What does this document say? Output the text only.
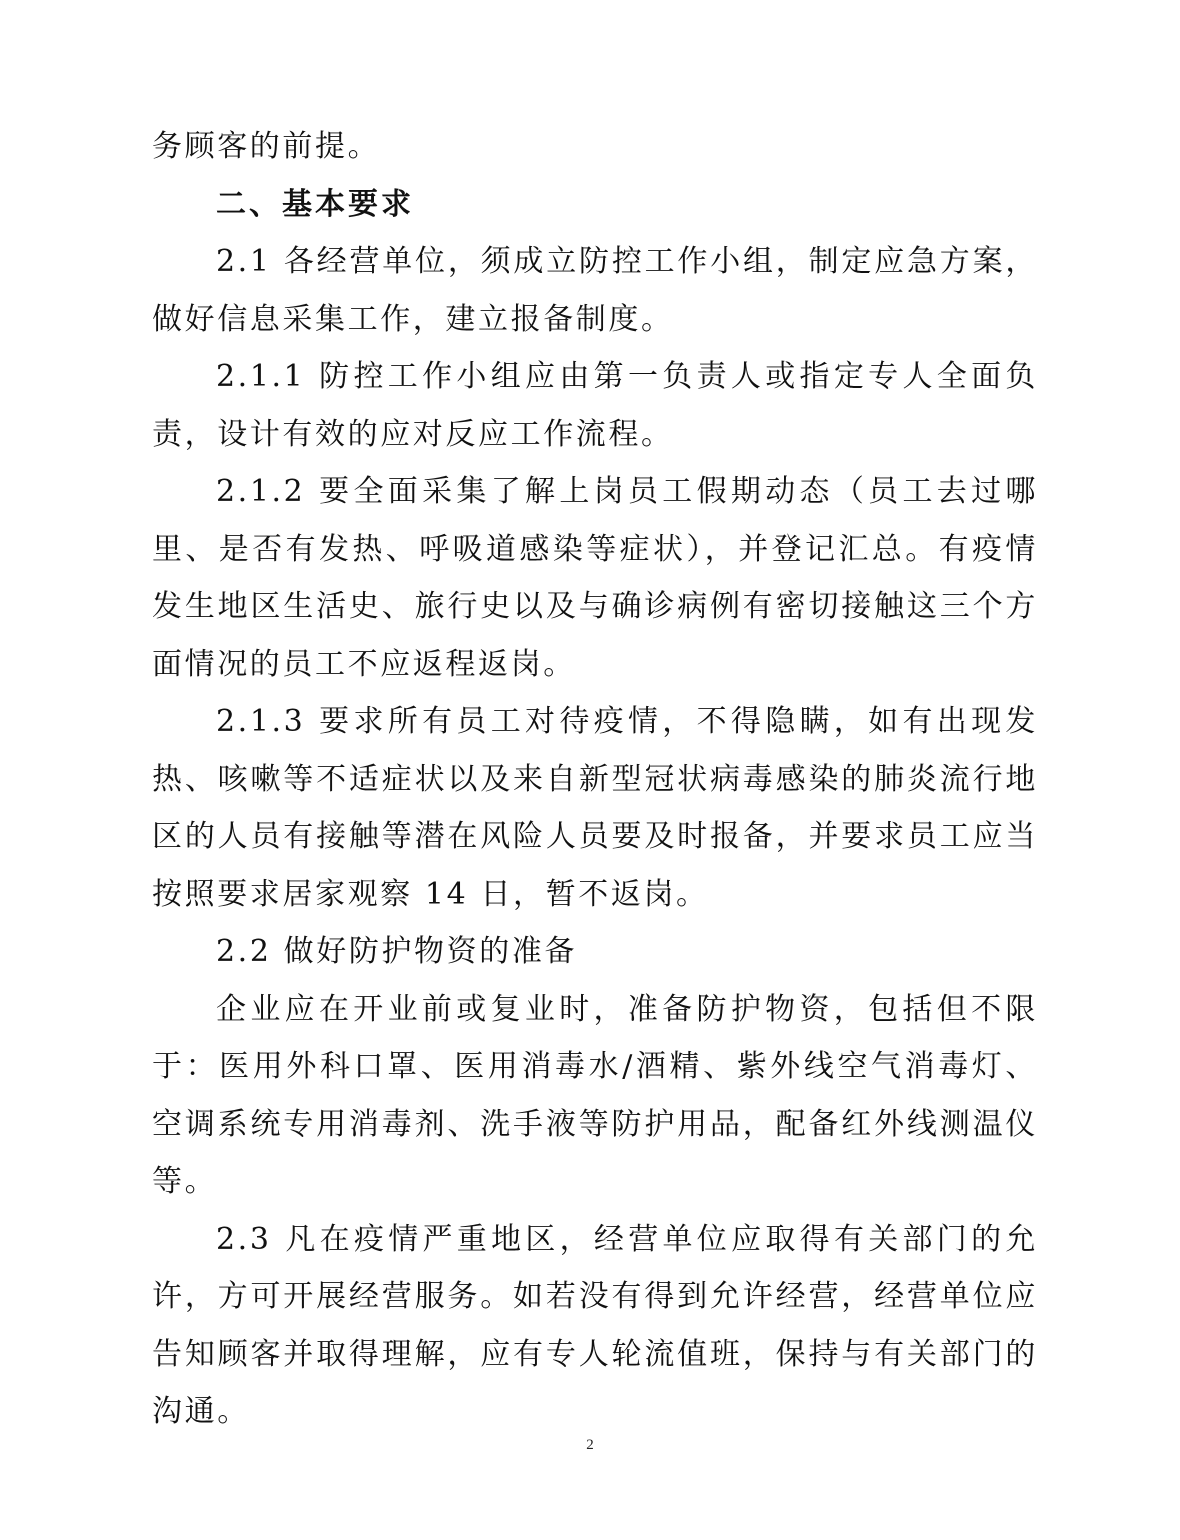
务顾客的前提。

二、基本要求

2.1 各经营单位，须成立防控工作小组，制定应急方案，做好信息采集工作，建立报备制度。

2.1.1 防控工作小组应由第一负责人或指定专人全面负责，设计有效的应对反应工作流程。

2.1.2 要全面采集了解上岗员工假期动态（员工去过哪里、是否有发热、呼吸道感染等症状），并登记汇总。有疫情发生地区生活史、旅行史以及与确诊病例有密切接触这三个方面情况的员工不应返程返岗。

2.1.3 要求所有员工对待疫情，不得隐瞒，如有出现发热、咳嗽等不适症状以及来自新型冠状病毒感染的肺炎流行地区的人员有接触等潜在风险人员要及时报备，并要求员工应当按照要求居家观察 14 日，暂不返岗。

2.2 做好防护物资的准备

企业应在开业前或复业时，准备防护物资，包括但不限于：医用外科口罩、医用消毒水/酒精、紫外线空气消毒灯、空调系统专用消毒剂、洗手液等防护用品，配备红外线测温仪等。

2.3 凡在疫情严重地区，经营单位应取得有关部门的允许，方可开展经营服务。如若没有得到允许经营，经营单位应告知顾客并取得理解，应有专人轮流值班，保持与有关部门的沟通。

2
